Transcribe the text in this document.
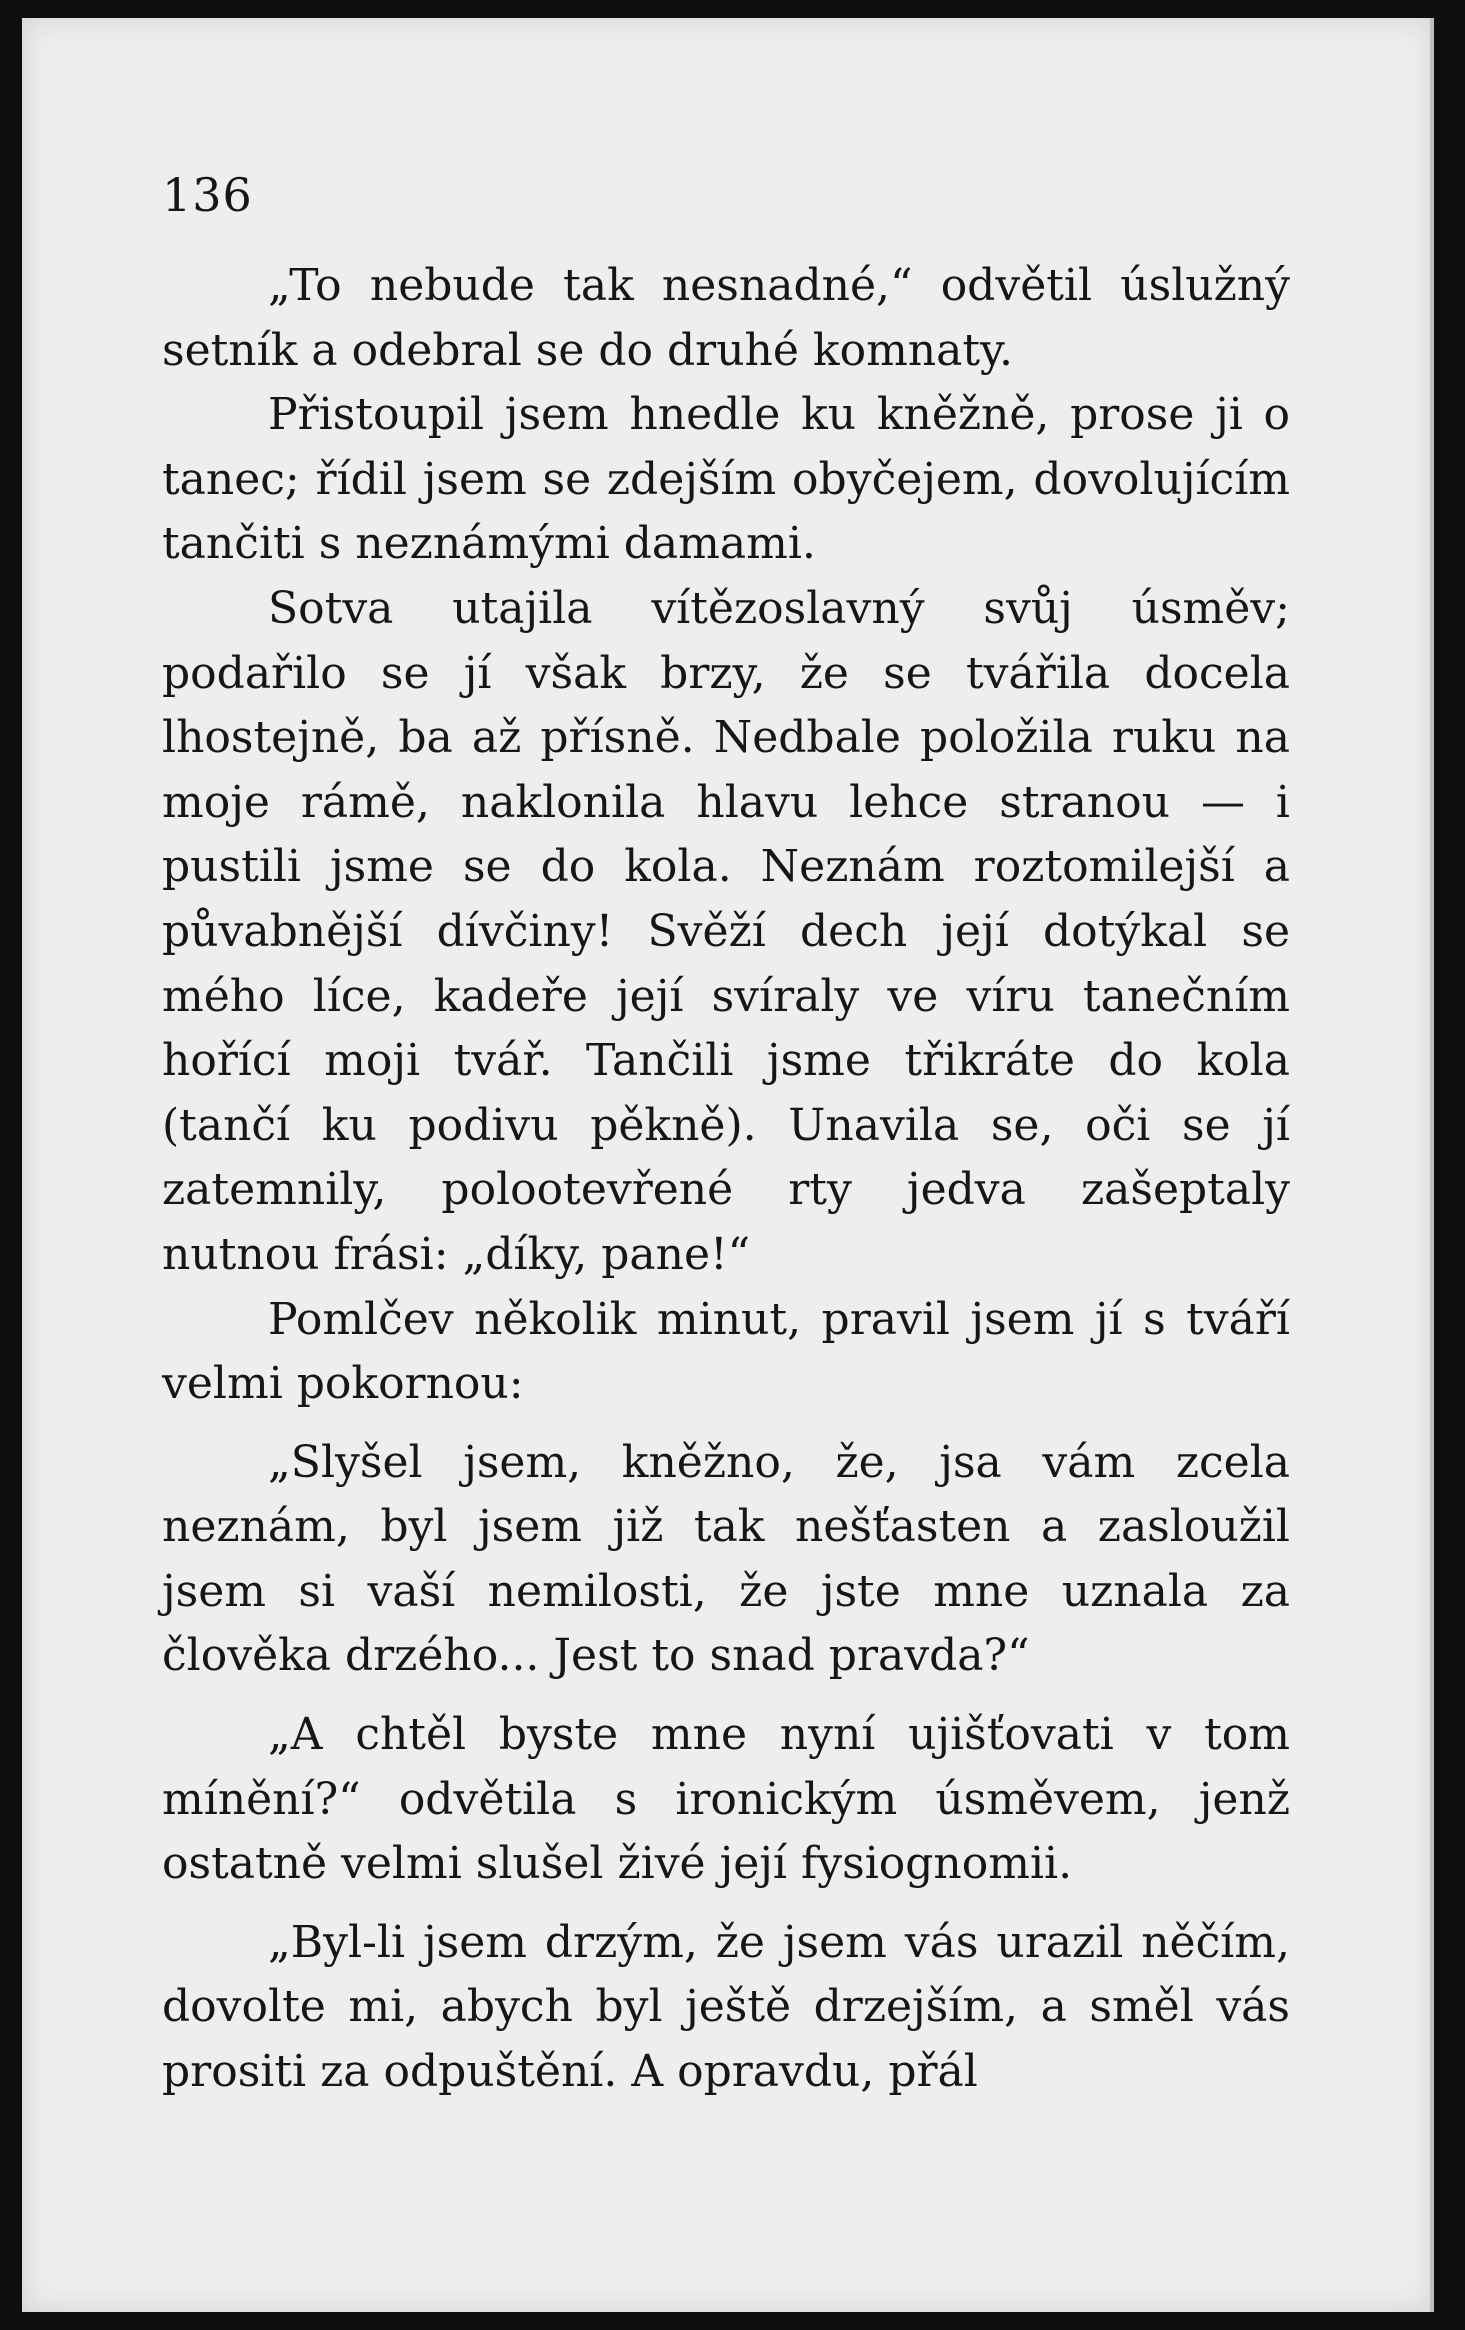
136

„To nebude tak nesnadné,“ odvětil úslužný setník a odebral se do druhé komnaty.

Přistoupil jsem hnedle ku kněžně, prose ji o tanec; řídil jsem se zdejším obyčejem, dovolujícím tančiti s neznámými damami.

Sotva utajila vítězoslavný svůj úsměv; podařilo se jí však brzy, že se tvářila docela lhostejně, ba až přísně. Nedbale položila ruku na moje rámě, naklonila hlavu lehce stranou — i pustili jsme se do kola. Neznám roztomilejší a půvabnější dívčiny! Svěží dech její dotýkal se mého líce, kadeře její svíraly ve víru tanečním hořící moji tvář. Tančili jsme třikráte do kola (tančí ku podivu pěkně). Unavila se, oči se jí zatemnily, polootevřené rty jedva zašeptaly nutnou frási: „díky, pane!“

Pomlčev několik minut, pravil jsem jí s tváří velmi pokornou:

„Slyšel jsem, kněžno, že, jsa vám zcela neznám, byl jsem již tak nešťasten a zasloužil jsem si vaší nemilosti, že jste mne uznala za člověka drzého... Jest to snad pravda?“

„A chtěl byste mne nyní ujišťovati v tom mínění?“ odvětila s ironickým úsměvem, jenž ostatně velmi slušel živé její fysiognomii.

„Byl-li jsem drzým, že jsem vás urazil něčím, dovolte mi, abych byl ještě drzejším, a směl vás prositi za odpuštění. A opravdu, přál
